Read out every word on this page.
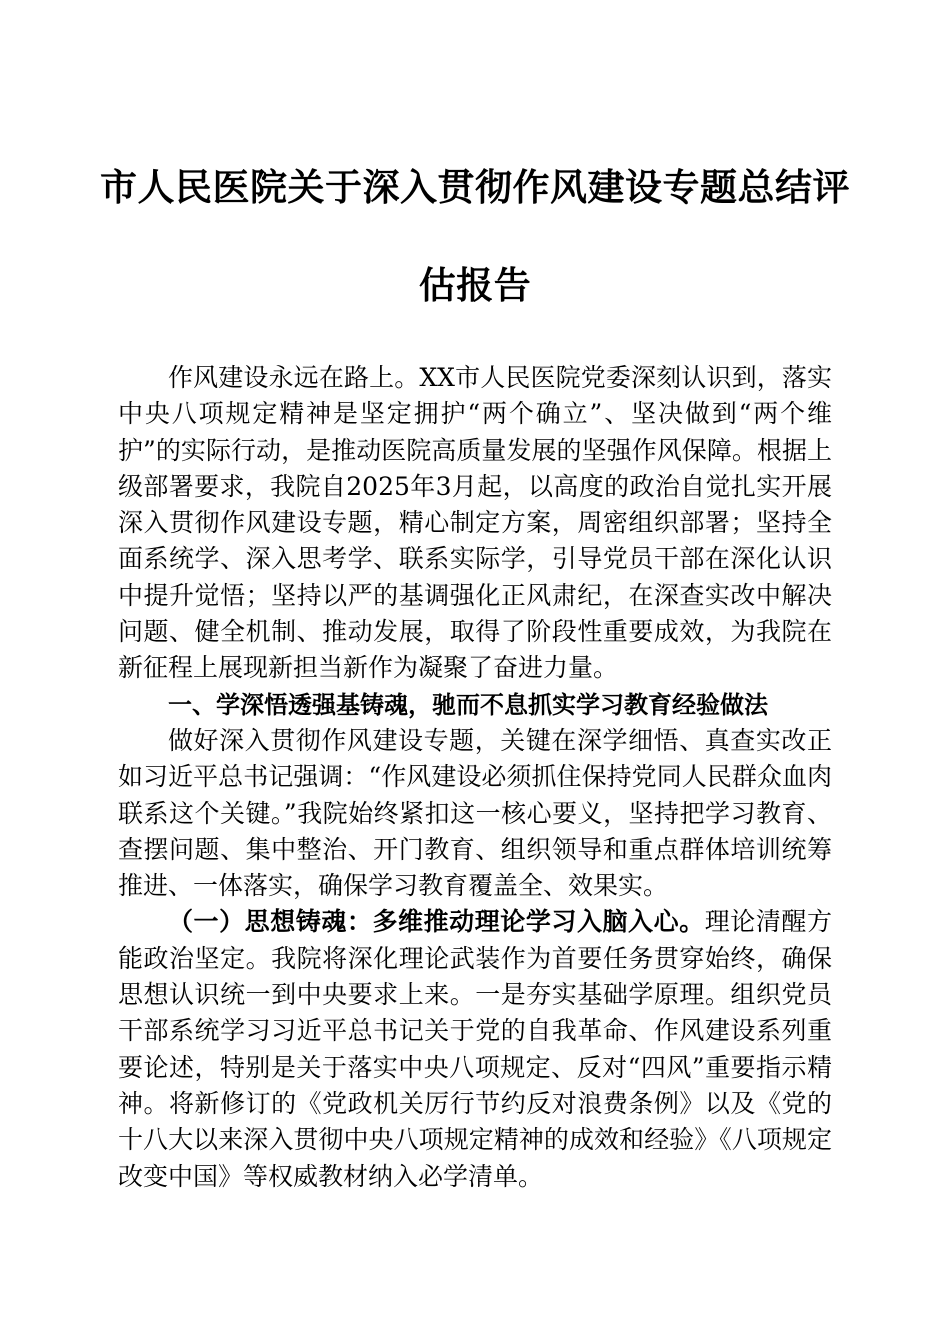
市人民医院关于深入贯彻作风建设专题总结评
估报告

作风建设永远在路上。XX市人民医院党委深刻认识到，落实中央八项规定精神是坚定拥护“两个确立”、坚决做到“两个维护”的实际行动，是推动医院高质量发展的坚强作风保障。根据上级部署要求，我院自2025年3月起，以高度的政治自觉扎实开展深入贯彻作风建设专题，精心制定方案，周密组织部署；坚持全面系统学、深入思考学、联系实际学，引导党员干部在深化认识中提升觉悟；坚持以严的基调强化正风肃纪，在深查实改中解决问题、健全机制、推动发展，取得了阶段性重要成效，为我院在新征程上展现新担当新作为凝聚了奋进力量。

一、学深悟透强基铸魂，驰而不息抓实学习教育经验做法

做好深入贯彻作风建设专题，关键在深学细悟、真查实改正如习近平总书记强调：“作风建设必须抓住保持党同人民群众血肉联系这个关键。”我院始终紧扣这一核心要义，坚持把学习教育、查摆问题、集中整治、开门教育、组织领导和重点群体培训统筹推进、一体落实，确保学习教育覆盖全、效果实。

（一）思想铸魂：多维推动理论学习入脑入心。理论清醒方能政治坚定。我院将深化理论武装作为首要任务贯穿始终，确保思想认识统一到中央要求上来。一是夯实基础学原理。组织党员干部系统学习习近平总书记关于党的自我革命、作风建设系列重要论述，特别是关于落实中央八项规定、反对“四风”重要指示精神。将新修订的《党政机关厉行节约反对浪费条例》以及《党的十八大以来深入贯彻中央八项规定精神的成效和经验》《八项规定改变中国》等权威教材纳入必学清单。
